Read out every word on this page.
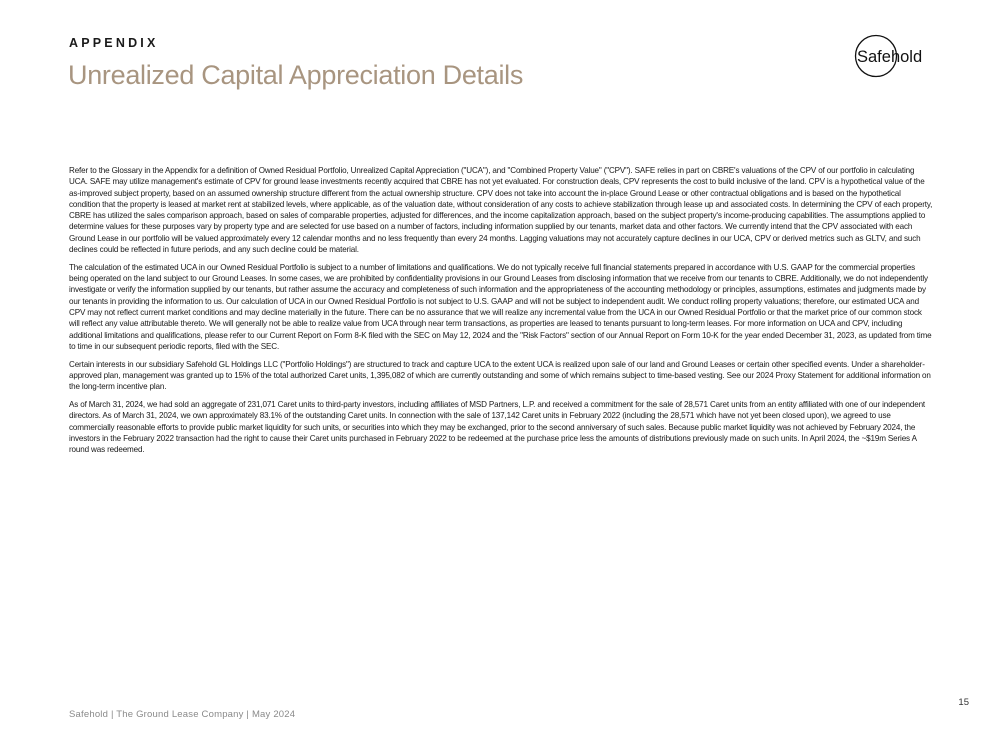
APPENDIX
Unrealized Capital Appreciation Details
Safehold

Refer to the Glossary in the Appendix for a definition of Owned Residual Portfolio, Unrealized Capital Appreciation ("UCA"), and "Combined Property Value" ("CPV"). SAFE relies in part on CBRE's valuations of the CPV of our portfolio in calculating UCA. SAFE may utilize management's estimate of CPV for ground lease investments recently acquired that CBRE has not yet evaluated. For construction deals, CPV represents the cost to build inclusive of the land. CPV is a hypothetical value of the as-improved subject property, based on an assumed ownership structure different from the actual ownership structure. CPV does not take into account the in-place Ground Lease or other contractual obligations and is based on the hypothetical condition that the property is leased at market rent at stabilized levels, where applicable, as of the valuation date, without consideration of any costs to achieve stabilization through lease up and associated costs. In determining the CPV of each property, CBRE has utilized the sales comparison approach, based on sales of comparable properties, adjusted for differences, and the income capitalization approach, based on the subject property's income-producing capabilities. The assumptions applied to determine values for these purposes vary by property type and are selected for use based on a number of factors, including information supplied by our tenants, market data and other factors. We currently intend that the CPV associated with each Ground Lease in our portfolio will be valued approximately every 12 calendar months and no less frequently than every 24 months. Lagging valuations may not accurately capture declines in our UCA, CPV or derived metrics such as GLTV, and such declines could be reflected in future periods, and any such decline could be material.

The calculation of the estimated UCA in our Owned Residual Portfolio is subject to a number of limitations and qualifications. We do not typically receive full financial statements prepared in accordance with U.S. GAAP for the commercial properties being operated on the land subject to our Ground Leases. In some cases, we are prohibited by confidentiality provisions in our Ground Leases from disclosing information that we receive from our tenants to CBRE. Additionally, we do not independently investigate or verify the information supplied by our tenants, but rather assume the accuracy and completeness of such information and the appropriateness of the accounting methodology or principles, assumptions, estimates and judgments made by our tenants in providing the information to us. Our calculation of UCA in our Owned Residual Portfolio is not subject to U.S. GAAP and will not be subject to independent audit. We conduct rolling property valuations; therefore, our estimated UCA and CPV may not reflect current market conditions and may decline materially in the future. There can be no assurance that we will realize any incremental value from the UCA in our Owned Residual Portfolio or that the market price of our common stock will reflect any value attributable thereto. We will generally not be able to realize value from UCA through near term transactions, as properties are leased to tenants pursuant to long-term leases. For more information on UCA and CPV, including additional limitations and qualifications, please refer to our Current Report on Form 8-K filed with the SEC on May 12, 2024 and the "Risk Factors" section of our Annual Report on Form 10-K for the year ended December 31, 2023, as updated from time to time in our subsequent periodic reports, filed with the SEC.

Certain interests in our subsidiary Safehold GL Holdings LLC ("Portfolio Holdings") are structured to track and capture UCA to the extent UCA is realized upon sale of our land and Ground Leases or certain other specified events. Under a shareholder-approved plan, management was granted up to 15% of the total authorized Caret units, 1,395,082 of which are currently outstanding and some of which remains subject to time-based vesting. See our 2024 Proxy Statement for additional information on the long-term incentive plan.

As of March 31, 2024, we had sold an aggregate of 231,071 Caret units to third-party investors, including affiliates of MSD Partners, L.P. and received a commitment for the sale of 28,571 Caret units from an entity affiliated with one of our independent directors. As of March 31, 2024, we own approximately 83.1% of the outstanding Caret units. In connection with the sale of 137,142 Caret units in February 2022 (including the 28,571 which have not yet been closed upon), we agreed to use commercially reasonable efforts to provide public market liquidity for such units, or securities into which they may be exchanged, prior to the second anniversary of such sales. Because public market liquidity was not achieved by February 2024, the investors in the February 2022 transaction had the right to cause their Caret units purchased in February 2022 to be redeemed at the purchase price less the amounts of distributions previously made on such units. In April 2024, the ~$19m Series A round was redeemed.

Safehold | The Ground Lease Company | May 2024
15
